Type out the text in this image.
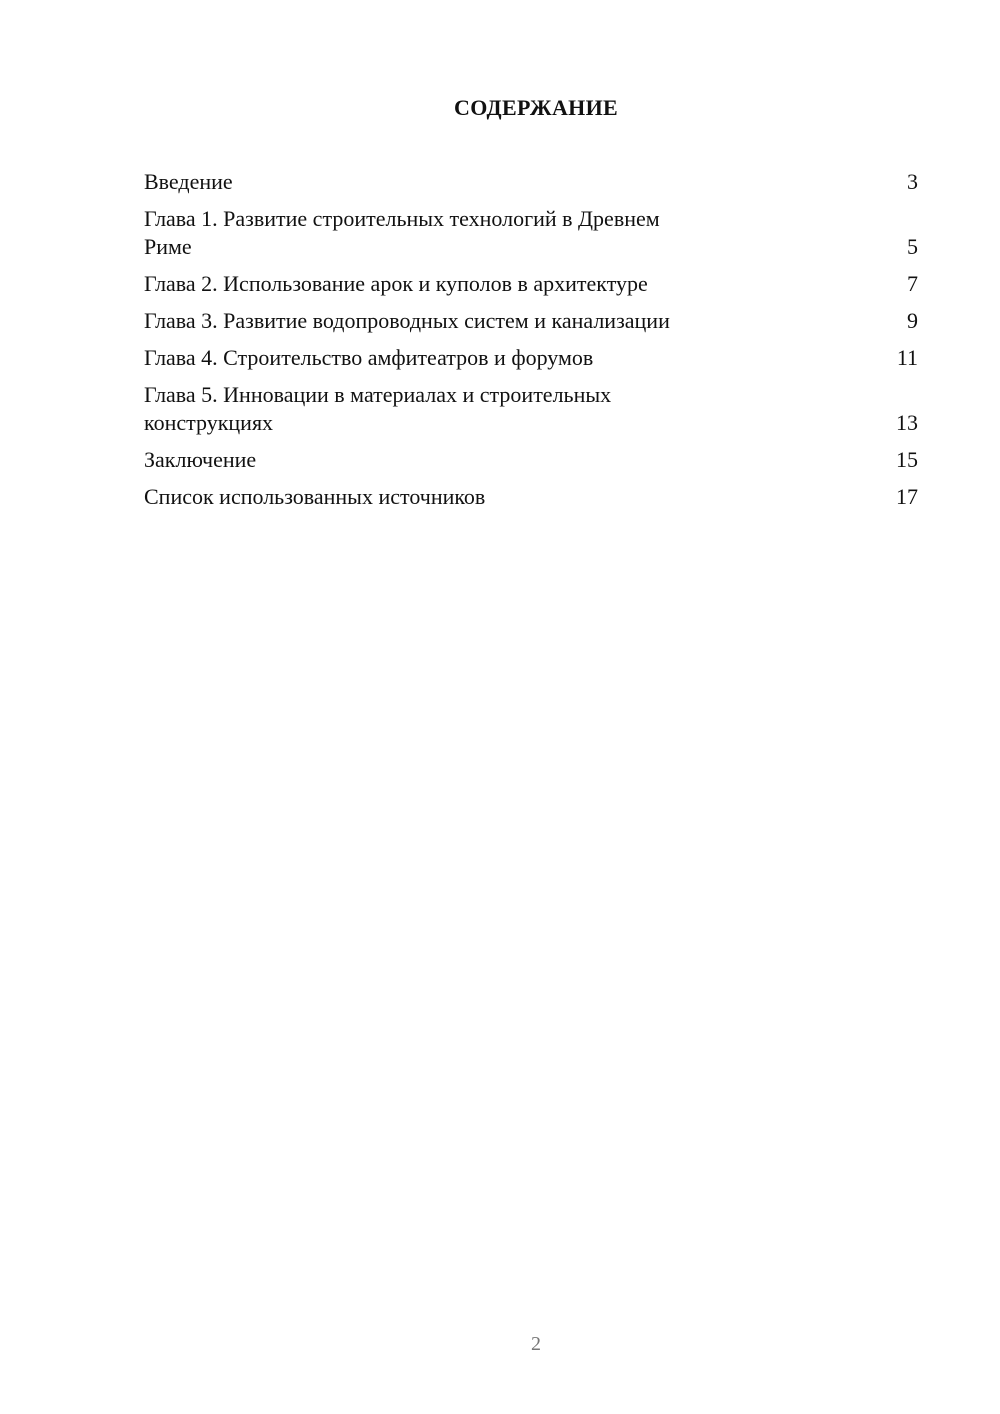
СОДЕРЖАНИЕ
Введение	3
Глава 1. Развитие строительных технологий в Древнем Риме	5
Глава 2. Использование арок и куполов в архитектуре	7
Глава 3. Развитие водопроводных систем и канализации	9
Глава 4. Строительство амфитеатров и форумов	11
Глава 5. Инновации в материалах и строительных конструкциях	13
Заключение	15
Список использованных источников	17
2
